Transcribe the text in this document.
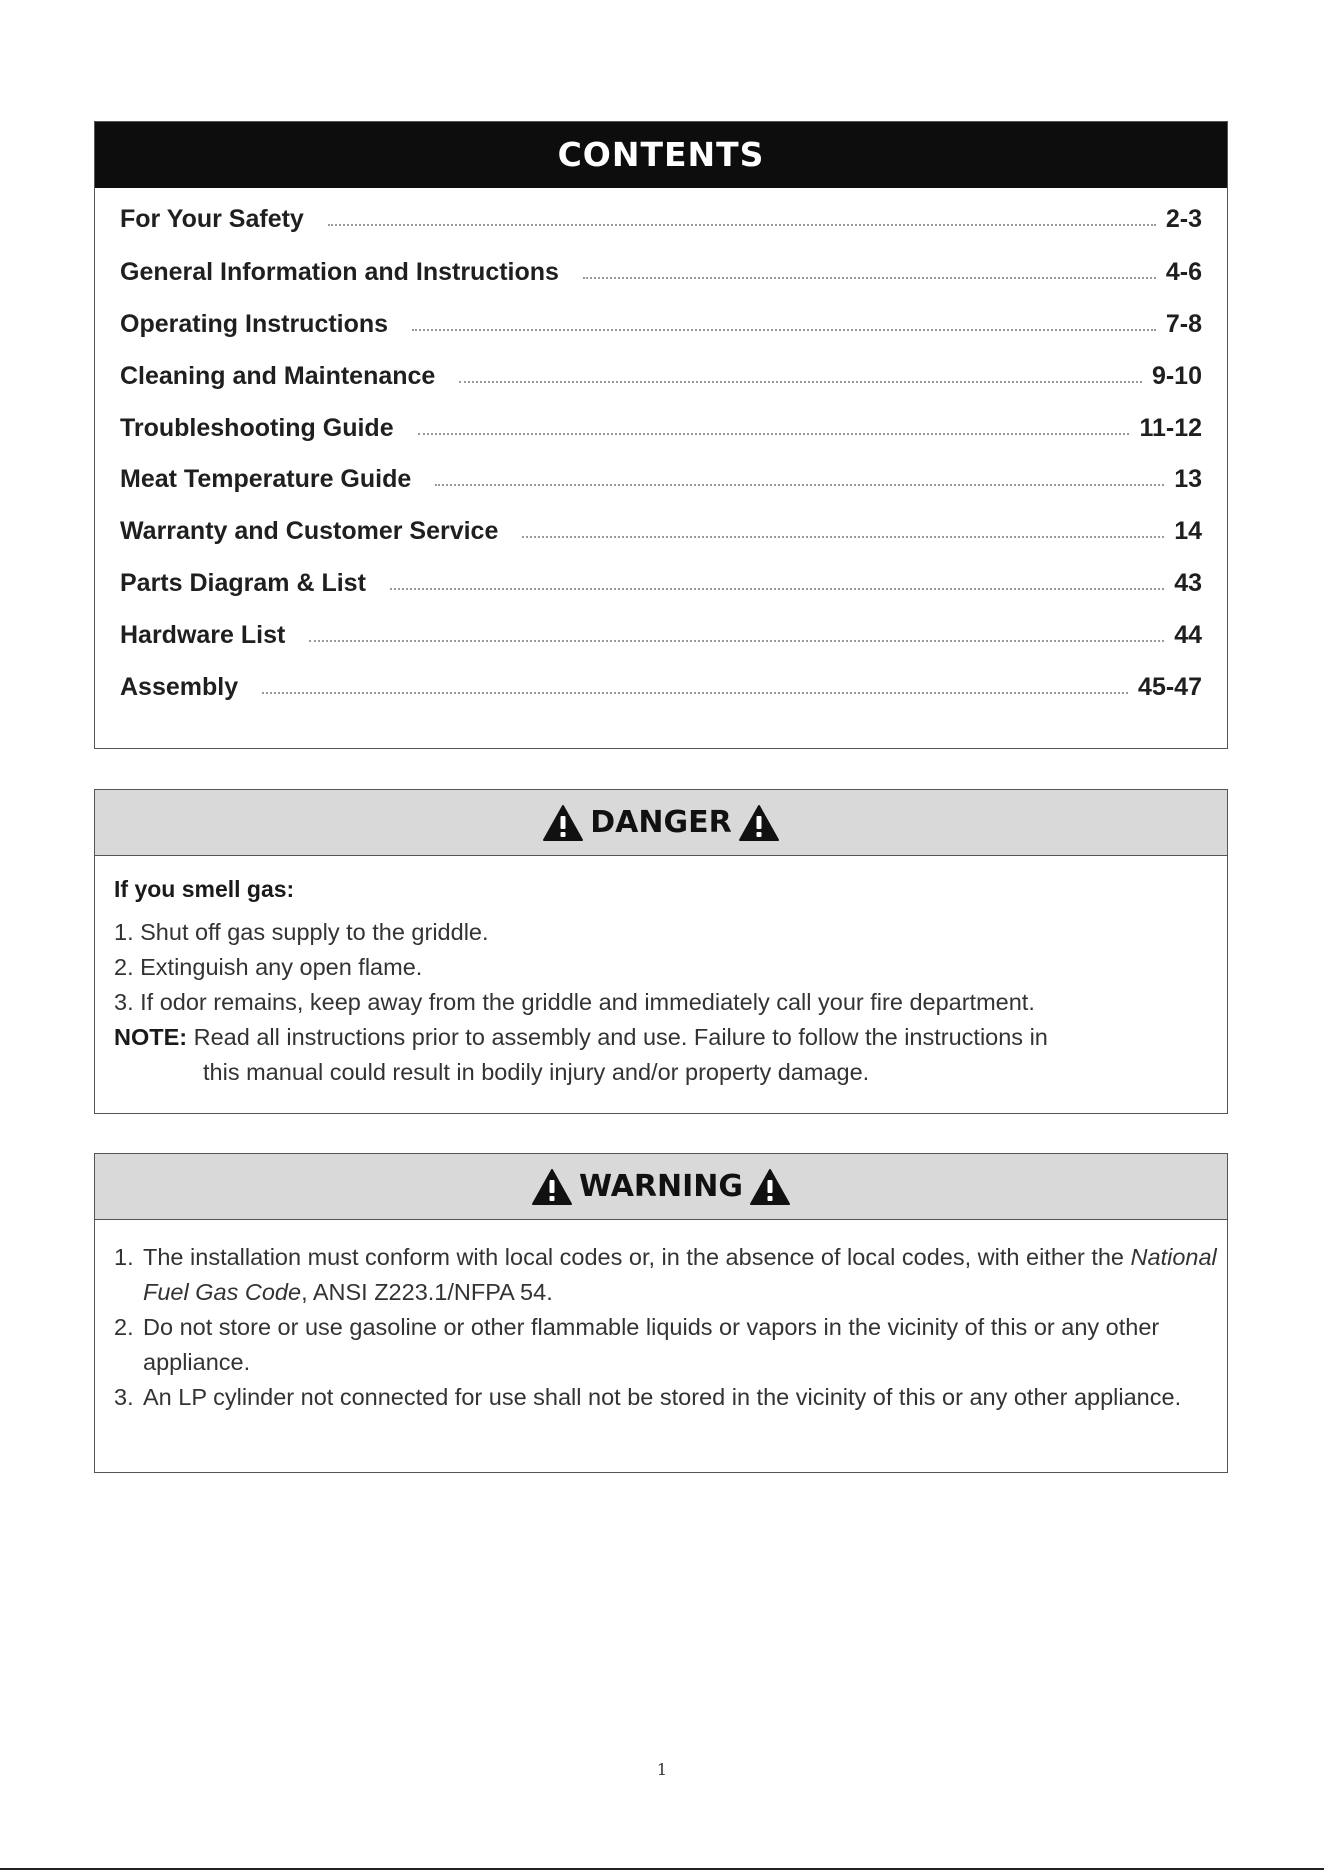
CONTENTS
For Your Safety	2-3
General Information and Instructions	4-6
Operating Instructions	7-8
Cleaning and Maintenance	9-10
Troubleshooting Guide	11-12
Meat Temperature Guide	13
Warranty and Customer Service	14
Parts Diagram & List	43
Hardware List	44
Assembly	45-47
DANGER
If you smell gas:
1. Shut off gas supply to the griddle.
2. Extinguish any open flame.
3. If odor remains, keep away from the griddle and immediately call your fire department.
NOTE: Read all instructions prior to assembly and use. Failure to follow the instructions in
this manual could result in bodily injury and/or property damage.
WARNING
1. The installation must conform with local codes or, in the absence of local codes, with either the National Fuel Gas Code, ANSI Z223.1/NFPA 54.
2. Do not store or use gasoline or other flammable liquids or vapors in the vicinity of this or any other appliance.
3. An LP cylinder not connected for use shall not be stored in the vicinity of this or any other appliance.
1
